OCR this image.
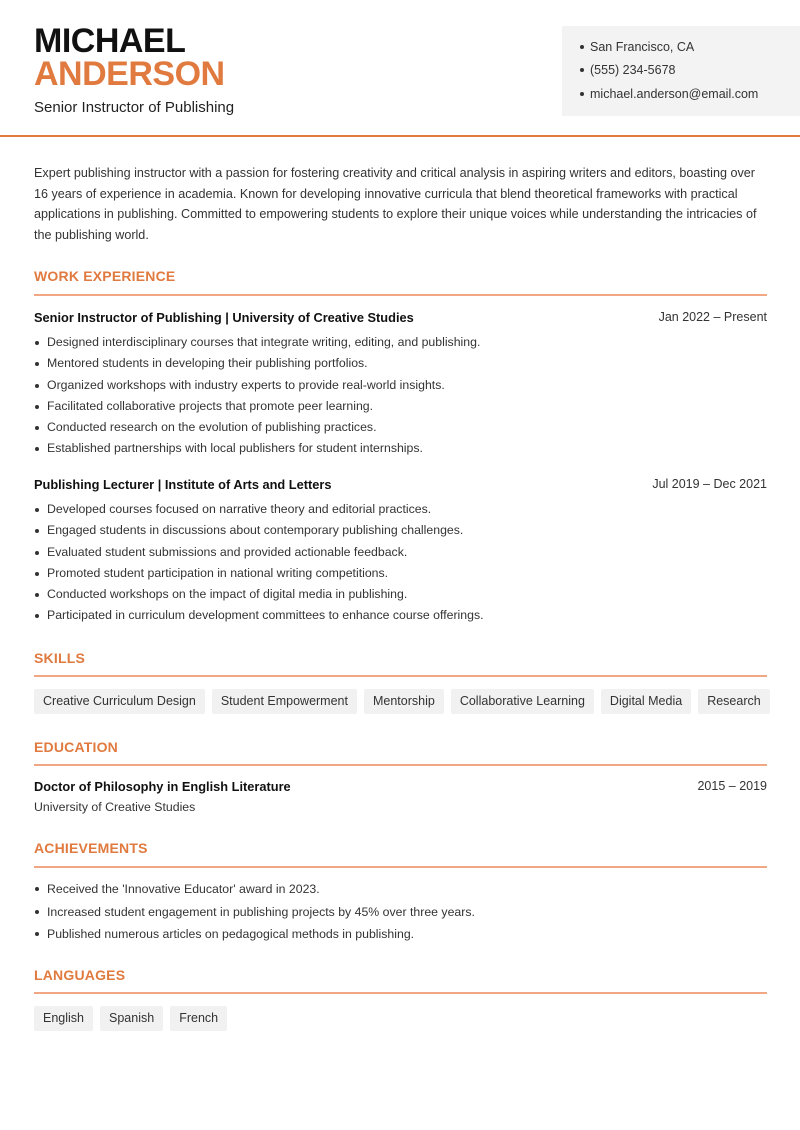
MICHAEL
ANDERSON
Senior Instructor of Publishing
San Francisco, CA
(555) 234-5678
michael.anderson@email.com

Expert publishing instructor with a passion for fostering creativity and critical analysis in aspiring writers and editors, boasting over 16 years of experience in academia. Known for developing innovative curricula that blend theoretical frameworks with practical applications in publishing. Committed to empowering students to explore their unique voices while understanding the intricacies of the publishing world.

WORK EXPERIENCE
Senior Instructor of Publishing | University of Creative Studies	Jan 2022 – Present
Designed interdisciplinary courses that integrate writing, editing, and publishing.
Mentored students in developing their publishing portfolios.
Organized workshops with industry experts to provide real-world insights.
Facilitated collaborative projects that promote peer learning.
Conducted research on the evolution of publishing practices.
Established partnerships with local publishers for student internships.
Publishing Lecturer | Institute of Arts and Letters	Jul 2019 – Dec 2021
Developed courses focused on narrative theory and editorial practices.
Engaged students in discussions about contemporary publishing challenges.
Evaluated student submissions and provided actionable feedback.
Promoted student participation in national writing competitions.
Conducted workshops on the impact of digital media in publishing.
Participated in curriculum development committees to enhance course offerings.
SKILLS
Creative Curriculum Design	Student Empowerment	Mentorship	Collaborative Learning	Digital Media	Research
EDUCATION
Doctor of Philosophy in English Literature	2015 – 2019
University of Creative Studies
ACHIEVEMENTS
Received the 'Innovative Educator' award in 2023.
Increased student engagement in publishing projects by 45% over three years.
Published numerous articles on pedagogical methods in publishing.
LANGUAGES
English	Spanish	French
